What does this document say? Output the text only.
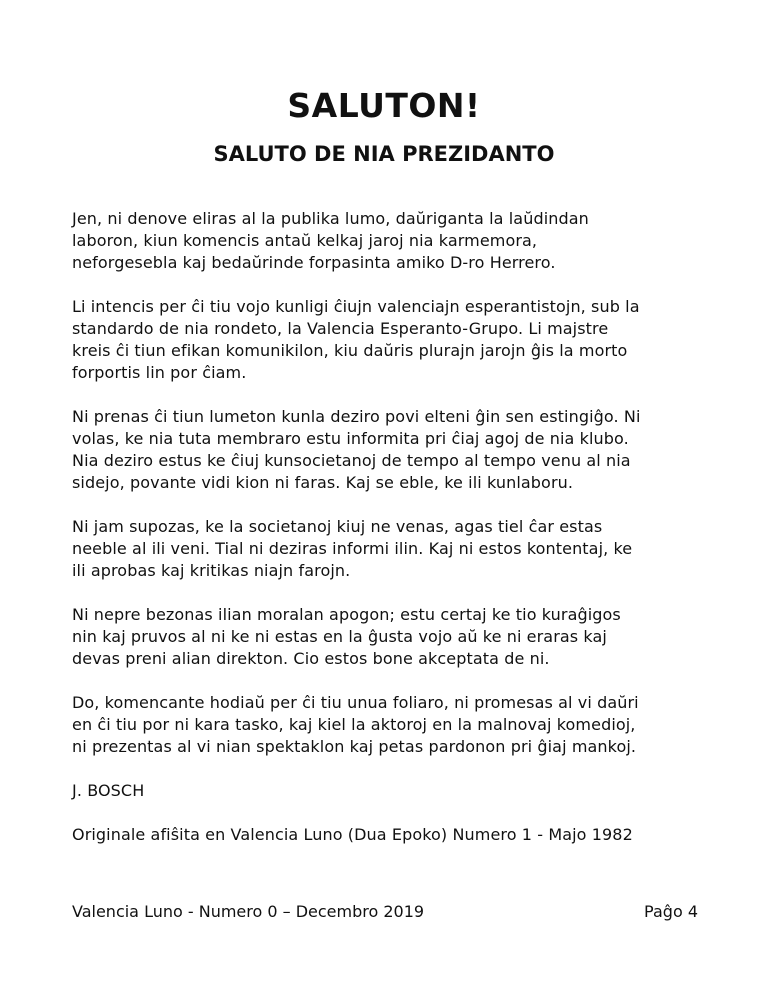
SALUTON!
SALUTO DE NIA PREZIDANTO

Jen, ni denove eliras al la publika lumo, daŭriganta la laŭdindan
laboron, kiun komencis antaŭ kelkaj jaroj nia karmemora,
neforgesebla kaj bedaŭrinde forpasinta amiko D-ro Herrero.

Li intencis per ĉi tiu vojo kunligi ĉiujn valenciajn esperantistojn, sub la
standardo de nia rondeto, la Valencia Esperanto-Grupo. Li majstre
kreis ĉi tiun efikan komunikilon, kiu daŭris plurajn jarojn ĝis la morto
forportis lin por ĉiam.

Ni prenas ĉi tiun lumeton kunla deziro povi elteni ĝin sen estingiĝo. Ni
volas, ke nia tuta membraro estu informita pri ĉiaj agoj de nia klubo.
Nia deziro estus ke ĉiuj kunsocietanoj de tempo al tempo venu al nia
sidejo, povante vidi kion ni faras. Kaj se eble, ke ili kunlaboru.

Ni jam supozas, ke la societanoj kiuj ne venas, agas tiel ĉar estas
neeble al ili veni. Tial ni deziras informi ilin. Kaj ni estos kontentaj, ke
ili aprobas kaj kritikas niajn farojn.

Ni nepre bezonas ilian moralan apogon; estu certaj ke tio kuraĝigos
nin kaj pruvos al ni ke ni estas en la ĝusta vojo aŭ ke ni eraras kaj
devas preni alian direkton. Cio estos bone akceptata de ni.

Do, komencante hodiaŭ per ĉi tiu unua foliaro, ni promesas al vi daŭri
en ĉi tiu por ni kara tasko, kaj kiel la aktoroj en la malnovaj komedioj,
ni prezentas al vi nian spektaklon kaj petas pardonon pri ĝiaj mankoj.

J. BOSCH

Originale afiŝita en Valencia Luno (Dua Epoko) Numero 1 - Majo 1982

Valencia Luno - Numero 0 – Decembro 2019	Paĝo 4
